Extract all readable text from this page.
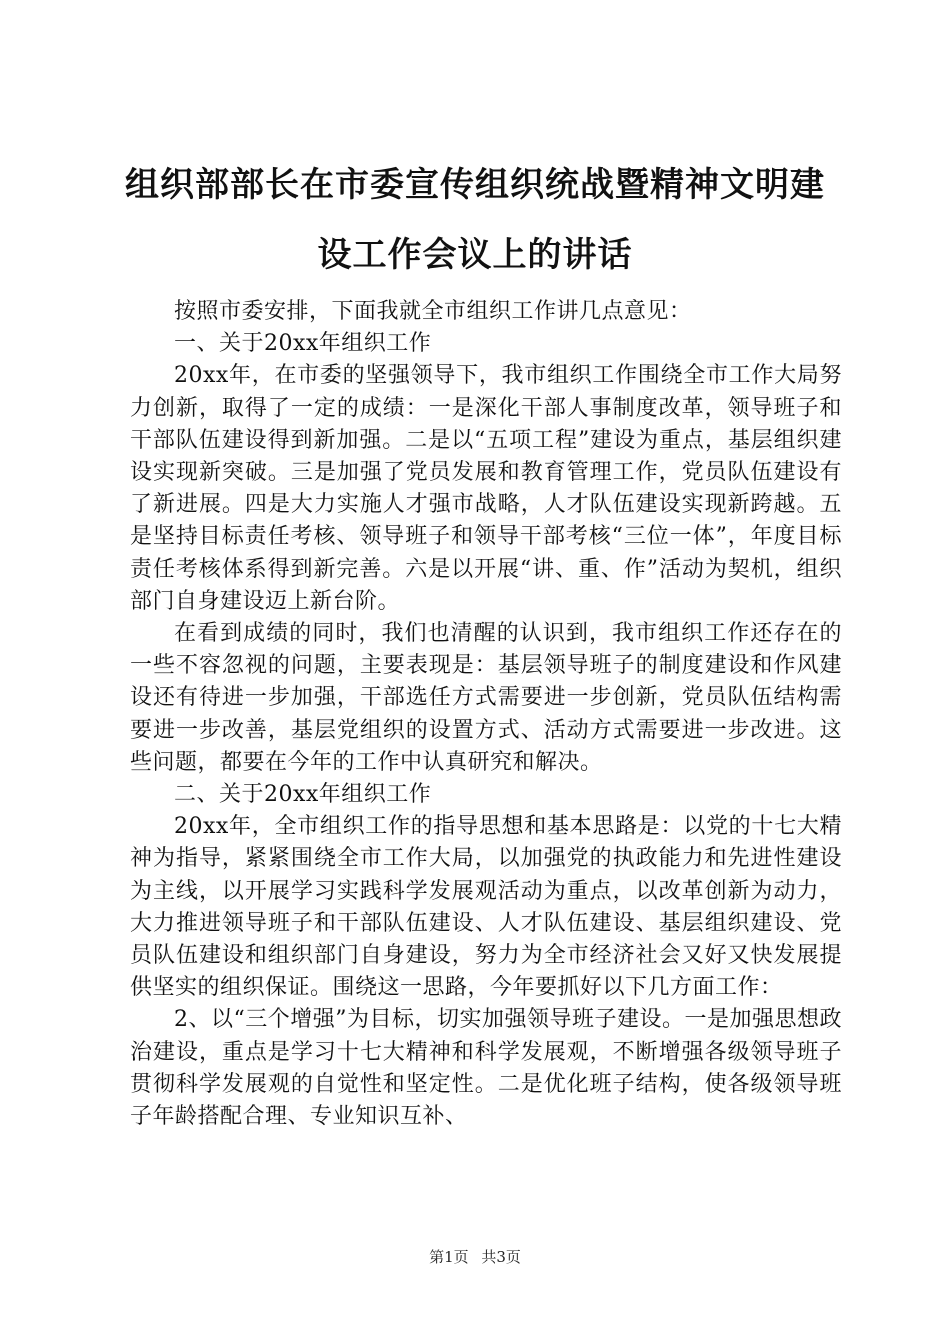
组织部部长在市委宣传组织统战暨精神文明建设工作会议上的讲话

按照市委安排，下面我就全市组织工作讲几点意见：

一、关于20xx年组织工作

20xx年，在市委的坚强领导下，我市组织工作围绕全市工作大局努力创新，取得了一定的成绩：一是深化干部人事制度改革，领导班子和干部队伍建设得到新加强。二是以“五项工程”建设为重点，基层组织建设实现新突破。三是加强了党员发展和教育管理工作，党员队伍建设有了新进展。四是大力实施人才强市战略，人才队伍建设实现新跨越。五是坚持目标责任考核、领导班子和领导干部考核“三位一体”，年度目标责任考核体系得到新完善。六是以开展“讲、重、作”活动为契机，组织部门自身建设迈上新台阶。

在看到成绩的同时，我们也清醒的认识到，我市组织工作还存在的一些不容忽视的问题，主要表现是：基层领导班子的制度建设和作风建设还有待进一步加强，干部选任方式需要进一步创新，党员队伍结构需要进一步改善，基层党组织的设置方式、活动方式需要进一步改进。这些问题，都要在今年的工作中认真研究和解决。

二、关于20xx年组织工作

20xx年，全市组织工作的指导思想和基本思路是：以党的十七大精神为指导，紧紧围绕全市工作大局，以加强党的执政能力和先进性建设为主线，以开展学习实践科学发展观活动为重点，以改革创新为动力，大力推进领导班子和干部队伍建设、人才队伍建设、基层组织建设、党员队伍建设和组织部门自身建设，努力为全市经济社会又好又快发展提供坚实的组织保证。围绕这一思路，今年要抓好以下几方面工作：

2、以“三个增强”为目标，切实加强领导班子建设。一是加强思想政治建设，重点是学习十七大精神和科学发展观，不断增强各级领导班子贯彻科学发展观的自觉性和坚定性。二是优化班子结构，使各级领导班子年龄搭配合理、专业知识互补、

第1页 共3页
